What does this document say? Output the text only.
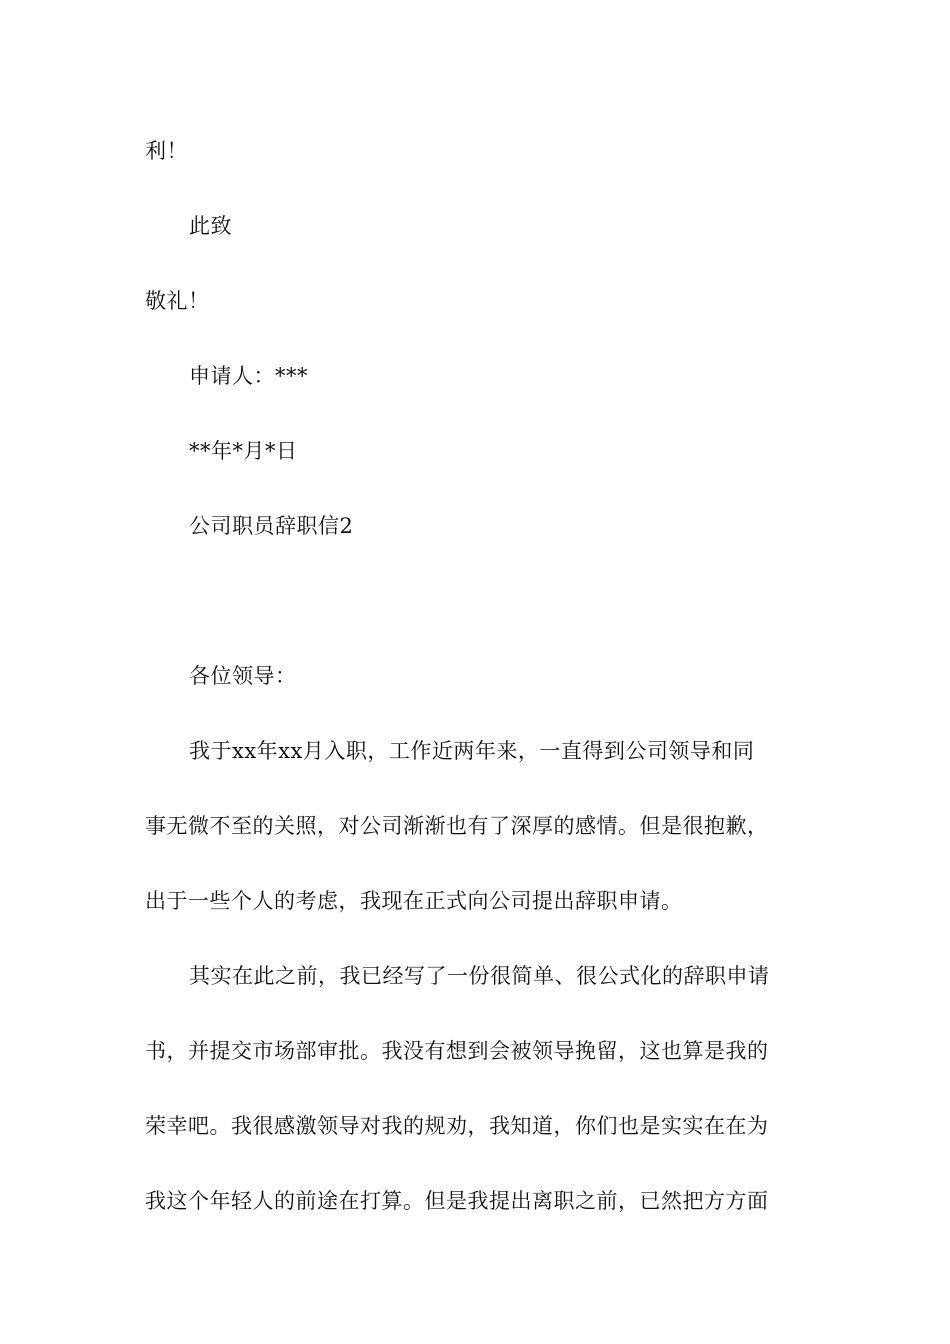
利！
此致
敬礼！
申请人：***
**年*月*日
公司职员辞职信2
各位领导：
我于xx年xx月入职，工作近两年来，一直得到公司领导和同
事无微不至的关照，对公司渐渐也有了深厚的感情。但是很抱歉，
出于一些个人的考虑，我现在正式向公司提出辞职申请。
其实在此之前，我已经写了一份很简单、很公式化的辞职申请
书，并提交市场部审批。我没有想到会被领导挽留，这也算是我的
荣幸吧。我很感激领导对我的规劝，我知道，你们也是实实在在为
我这个年轻人的前途在打算。但是我提出离职之前，已然把方方面
